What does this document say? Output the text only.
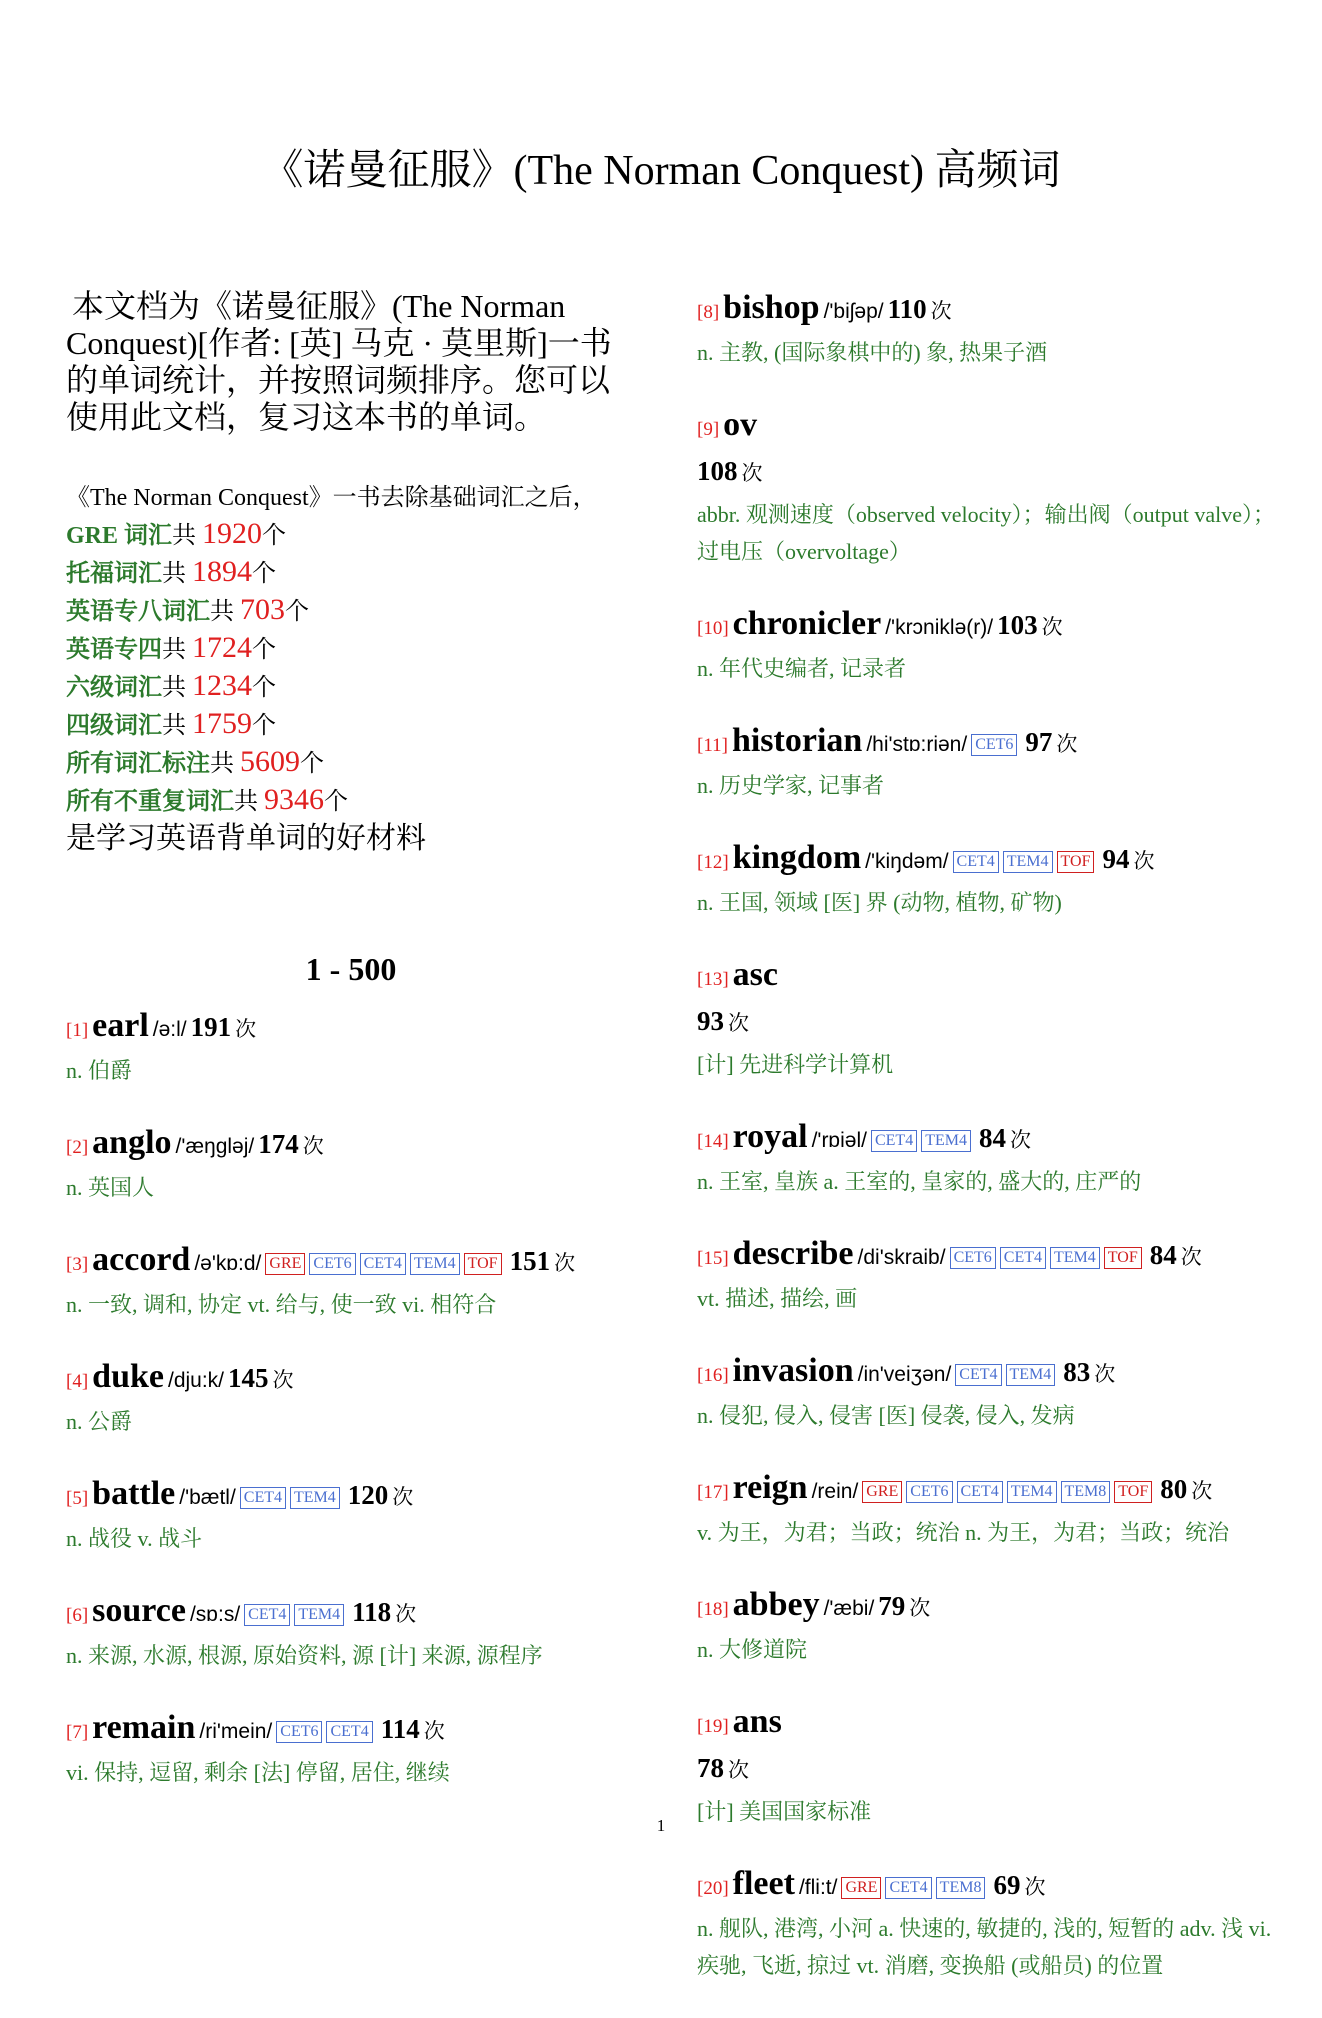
《诺曼征服》(The Norman Conquest) 高频词

本文档为《诺曼征服》(The Norman Conquest)[作者: [英] 马克 · 莫里斯]一书的单词统计，并按照词频排序。您可以使用此文档，复习这本书的单词。

《The Norman Conquest》一书去除基础词汇之后，
GRE 词汇共 1920个
托福词汇共 1894个
英语专八词汇共 703个
英语专四共 1724个
六级词汇共 1234个
四级词汇共 1759个
所有词汇标注共 5609个
所有不重复词汇共 9346个
是学习英语背单词的好材料
1 - 500
[1] earl /ə:l/ 191 次
n. 伯爵
[2] anglo /'æŋgləj/ 174 次
n. 英国人
[3] accord /ə'kɒ:d/ GRE CET6 CET4 TEM4 TOF 151 次
n. 一致, 调和, 协定 vt. 给与, 使一致 vi. 相符合
[4] duke /dju:k/ 145 次
n. 公爵
[5] battle /'bætl/ CET4 TEM4 120 次
n. 战役 v. 战斗
[6] source /sɒ:s/ CET4 TEM4 118 次
n. 来源, 水源, 根源, 原始资料, 源 [计] 来源, 源程序
[7] remain /ri'mein/ CET6 CET4 114 次
vi. 保持, 逗留, 剩余 [法] 停留, 居住, 继续
[8] bishop /'biʃəp/ 110 次
n. 主教, (国际象棋中的) 象, 热果子酒
[9] ov
108 次
abbr. 观测速度（observed velocity）；输出阀（output valve）；过电压（overvoltage）
[10] chronicler /'krɔniklə(r)/ 103 次
n. 年代史编者, 记录者
[11] historian /hi'stɒ:riən/ CET6 97 次
n. 历史学家, 记事者
[12] kingdom /'kiŋdəm/ CET4 TEM4 TOF 94 次
n. 王国, 领域 [医] 界 (动物, 植物, 矿物)
[13] asc
93 次
[计] 先进科学计算机
[14] royal /'rɒiəl/ CET4 TEM4 84 次
n. 王室, 皇族 a. 王室的, 皇家的, 盛大的, 庄严的
[15] describe /di'skraib/ CET6 CET4 TEM4 TOF 84 次
vt. 描述, 描绘, 画
[16] invasion /in'veiʒən/ CET4 TEM4 83 次
n. 侵犯, 侵入, 侵害 [医] 侵袭, 侵入, 发病
[17] reign /rein/ GRE CET6 CET4 TEM4 TEM8 TOF 80 次
v. 为王，为君；当政；统治 n. 为王，为君；当政；统治
[18] abbey /'æbi/ 79 次
n. 大修道院
[19] ans
78 次
[计] 美国国家标准
[20] fleet /fli:t/ GRE CET4 TEM8 69 次
n. 舰队, 港湾, 小河 a. 快速的, 敏捷的, 浅的, 短暂的 adv. 浅 vi. 疾驰, 飞逝, 掠过 vt. 消磨, 变换船 (或船员) 的位置
1
